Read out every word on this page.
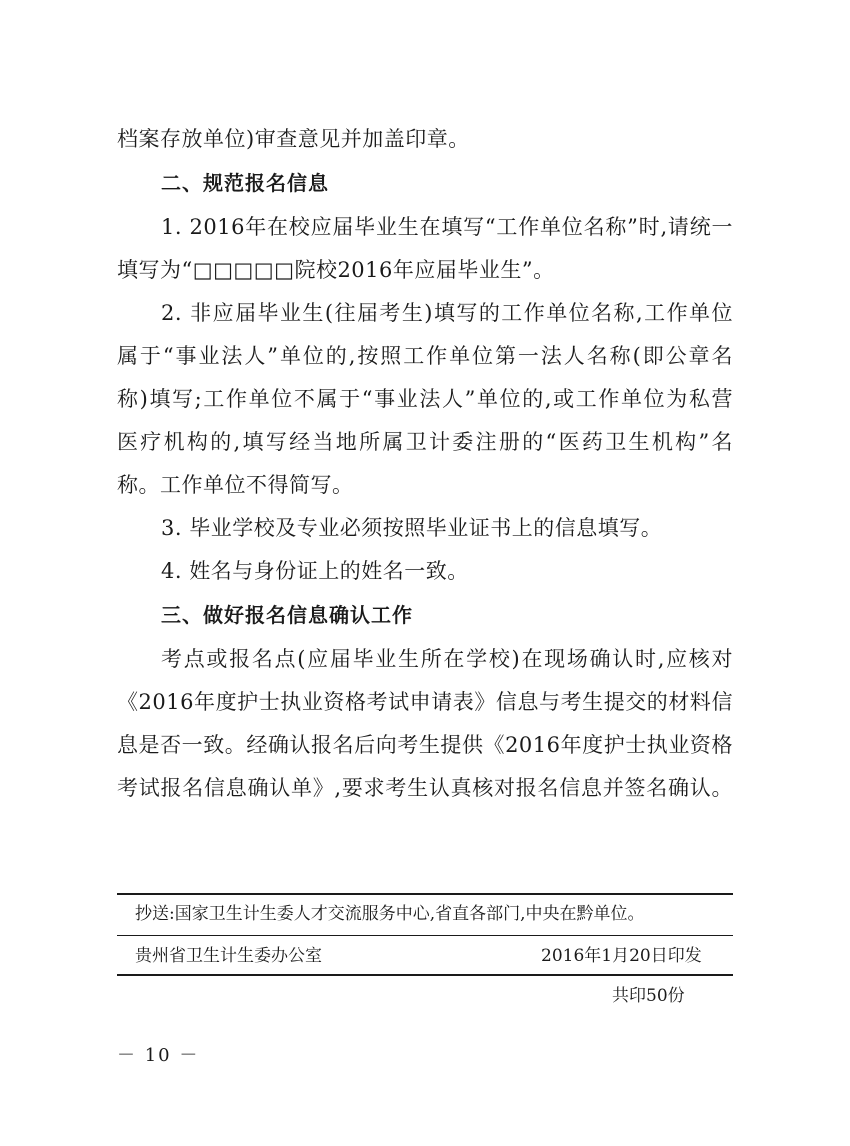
档案存放单位)审查意见并加盖印章。
二、规范报名信息
1. 2016年在校应届毕业生在填写“工作单位名称”时,请统一
填写为“□□□□□院校2016年应届毕业生”。
2. 非应届毕业生(往届考生)填写的工作单位名称,工作单位
属于“事业法人”单位的,按照工作单位第一法人名称(即公章名
称)填写;工作单位不属于“事业法人”单位的,或工作单位为私营
医疗机构的,填写经当地所属卫计委注册的“医药卫生机构”名
称。工作单位不得简写。
3. 毕业学校及专业必须按照毕业证书上的信息填写。
4. 姓名与身份证上的姓名一致。
三、做好报名信息确认工作
考点或报名点(应届毕业生所在学校)在现场确认时,应核对
《2016年度护士执业资格考试申请表》信息与考生提交的材料信
息是否一致。经确认报名后向考生提供《2016年度护士执业资格
考试报名信息确认单》,要求考生认真核对报名信息并签名确认。
抄送:国家卫生计生委人才交流服务中心,省直各部门,中央在黔单位。
贵州省卫生计生委办公室	2016年1月20日印发
共印50份
－ 10 －
